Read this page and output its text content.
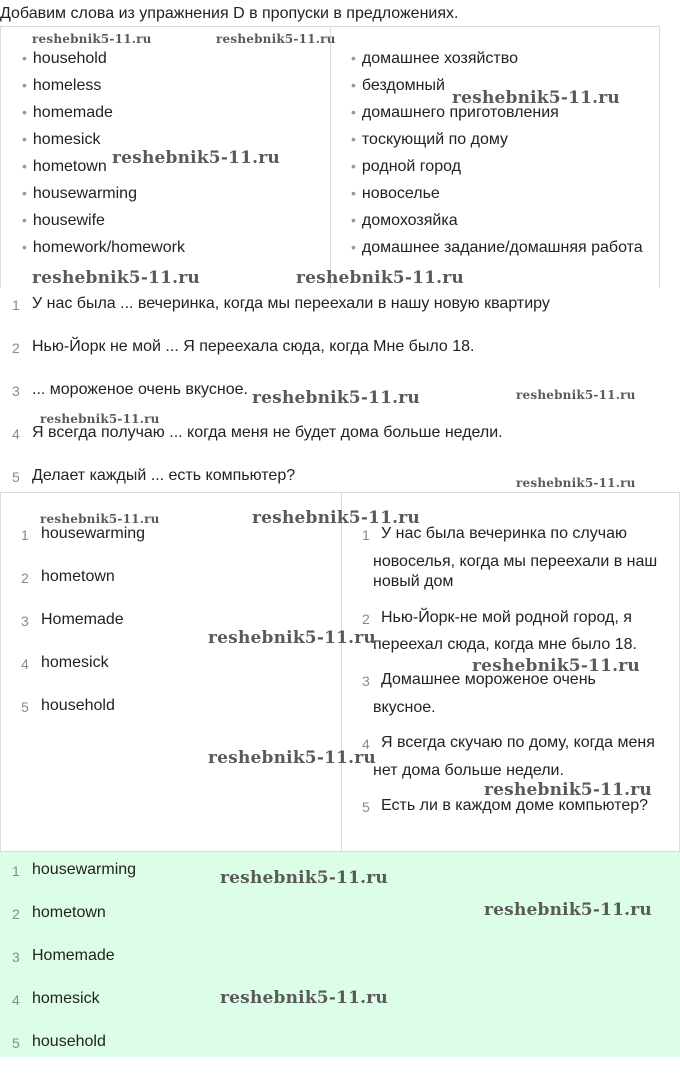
Добавим слова из упражнения D в пропуски в предложениях.
• household
• homeless
• homemade
• homesick
• hometown
• housewarming
• housewife
• homework/homework
• домашнее хозяйство
• бездомный
• домашнего приготовления
• тоскующий по дому
• родной город
• новоселье
• домохозяйка
• домашнее задание/домашняя работа
1 У нас была ... вечеринка, когда мы переехали в нашу новую квартиру
2 Нью-Йорк не мой ... Я переехала сюда, когда Мне было 18.
3 ... мороженое очень вкусное.
4 Я всегда получаю ... когда меня не будет дома больше недели.
5 Делает каждый ... есть компьютер?
1 housewarming
2 hometown
3 Homemade
4 homesick
5 household
1 У нас была вечеринка по случаю
новоселья, когда мы переехали в наш
новый дом
2 Нью-Йорк-не мой родной город, я
переехал сюда, когда мне было 18.
3 Домашнее мороженое очень
вкусное.
4 Я всегда скучаю по дому, когда меня
нет дома больше недели.
5 Есть ли в каждом доме компьютер?
1 housewarming
2 hometown
3 Homemade
4 homesick
5 household
reshebnik5-11.ru	reshebnik5-11.ru
reshebnik5-11.ru
reshebnik5-11.ru
reshebnik5-11.ru	reshebnik5-11.ru
reshebnik5-11.ru	reshebnik5-11.ru
reshebnik5-11.ru
reshebnik5-11.ru
reshebnik5-11.ru	reshebnik5-11.ru
reshebnik5-11.ru
reshebnik5-11.ru
reshebnik5-11.ru
reshebnik5-11.ru
reshebnik5-11.ru
reshebnik5-11.ru
reshebnik5-11.ru
